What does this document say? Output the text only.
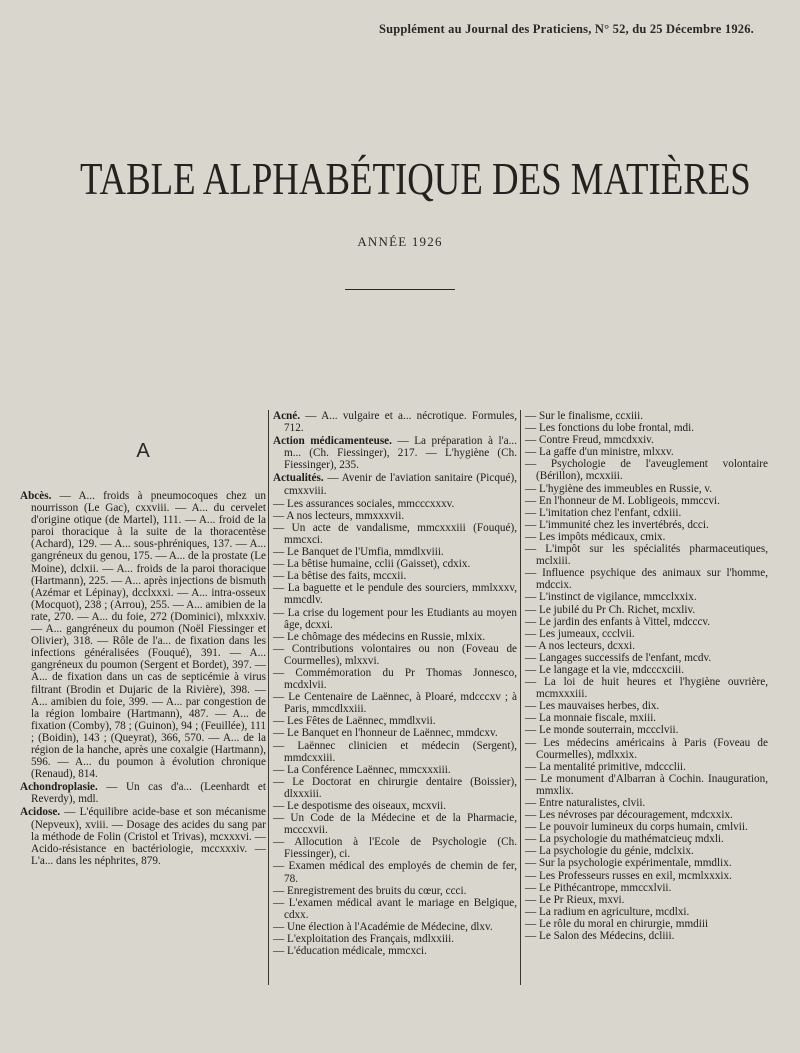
Supplément au Journal des Praticiens, N° 52, du 25 Décembre 1926.
TABLE ALPHABÉTIQUE DES MATIÈRES
ANNÉE 1926
A

Abcès. — A... froids à pneumocoques chez un nourrisson (Le Gac), cxxviii. — A... du cervelet d'origine otique (de Martel), 111. — A... froid de la paroi thoracique à la suite de la thoracentèse (Achard), 129. — A... sous-phréniques, 137. — A... gangréneux du genou, 175. — A... de la prostate (Le Moine), dclxii. — A... froids de la paroi thoracique (Hartmann), 225. — A... après injections de bismuth (Azémar et Lépinay), dcclxxxi. — A... intra-osseux (Mocquot), 238 ; (Arrou), 255. — A... amibien de la rate, 270. — A... du foie, 272 (Dominici), mlxxxiv. — A... gangréneux du poumon (Noël Fiessinger et Olivier), 318. — Rôle de l'a... de fixation dans les infections généralisées (Fouqué), 391. — A... gangréneux du poumon (Sergent et Bordet), 397. — A... de fixation dans un cas de septicémie à virus filtrant (Brodin et Dujaric de la Rivière), 398. — A... amibien du foie, 399. — A... par congestion de la région lombaire (Hartmann), 487. — A... de fixation (Comby), 78 ; (Guinon), 94 ; (Feuillée), 111 ; (Boidin), 143 ; (Queyrat), 366, 570. — A... de la région de la hanche, après une coxalgie (Hartmann), 596. — A... du poumon à évolution chronique (Renaud), 814.

Achondroplasie. — Un cas d'a... (Leenhardt et Reverdy), mdl.

Acidose. — L'équilibre acide-base et son mécanisme (Nepveux), xviii. — Dosage des acides du sang par la méthode de Folin (Cristol et Trivas), mcxxxvi. — Acido-résistance en bactériologie, mccxxxiv. — L'a... dans les néphrites, 879.

Acné. — A... vulgaire et a... nécrotique. Formules, 712.

Action médicamenteuse. — La préparation à l'a... m... (Ch. Fiessinger), 217. — L'hygiène (Ch. Fiessinger), 235.

Actualités. — Avenir de l'aviation sanitaire (Picqué), cmxxviii.

— Les assurances sociales, mmcccxxxv.

— A nos lecteurs, mmxxxvii.

— Un acte de vandalisme, mmcxxxiii (Fouqué), mmcxci.

— Le Banquet de l'Umfia, mmdlxviii.

— La bêtise humaine, cclii (Gaisset), cdxix.

— La bêtise des faits, mccxii.

— La baguette et le pendule des sourciers, mmlxxxv, mmcdlv.

— La crise du logement pour les Etudiants au moyen âge, dcxxi.

— Le chômage des médecins en Russie, mlxix.

— Contributions volontaires ou non (Foveau de Courmelles), mlxxvi.

— Commémoration du Pr Thomas Jonnesco, mcdxlvii.

— Le Centenaire de Laënnec, à Ploaré, mdcccxv ; à Paris, mmcdlxxiii.

— Les Fêtes de Laënnec, mmdlxvii.

— Le Banquet en l'honneur de Laënnec, mmdcxv.

— Laënnec clinicien et médecin (Sergent), mmdcxxiii.

— La Conférence Laënnec, mmcxxxiii.

— Le Doctorat en chirurgie dentaire (Boissier), dlxxxiii.

— Le despotisme des oiseaux, mcxvii.

— Un Code de la Médecine et de la Pharmacie, mcccxvii.

— Allocution à l'Ecole de Psychologie (Ch. Fiessinger), ci.

— Examen médical des employés de chemin de fer, 78.

— Enregistrement des bruits du cœur, ccci.

— L'examen médical avant le mariage en Belgique, cdxx.

— Une élection à l'Académie de Médecine, dlxv.

— L'exploitation des Français, mdlxxiii.

— L'éducation médicale, mmcxci.

— Sur le finalisme, ccxiii.

— Les fonctions du lobe frontal, mdi.

— Contre Freud, mmcdxxiv.

— La gaffe d'un ministre, mlxxv.

— Psychologie de l'aveuglement volontaire (Bérillon), mcxxiii.

— L'hygiène des immeubles en Russie, v.

— En l'honneur de M. Lobligeois, mmccvi.

— L'imitation chez l'enfant, cdxiii.

— L'immunité chez les invertébrés, dcci.

— Les impôts médicaux, cmix.

— L'impôt sur les spécialités pharmaceutiques, mclxiii.

— Influence psychique des animaux sur l'homme, mdccix.

— L'instinct de vigilance, mmcclxxix.

— Le jubilé du Pr Ch. Richet, mcxliv.

— Le jardin des enfants à Vittel, mdcccv.

— Les jumeaux, ccclvii.

— A nos lecteurs, dcxxi.

— Langages successifs de l'enfant, mcdv.

— Le langage et la vie, mdcccxciii.

— La loi de huit heures et l'hygiène ouvrière, mcmxxxiii.

— Les mauvaises herbes, dix.

— La monnaie fiscale, mxiii.

— Le monde souterrain, mccclvii.

— Les médecins américains à Paris (Foveau de Courmelles), mdlxxix.

— La mentalité primitive, mdccclii.

— Le monument d'Albarran à Cochin. Inauguration, mmxlix.

— Entre naturalistes, clvii.

— Les névroses par découragement, mdcxxix.

— Le pouvoir lumineux du corps humain, cmlvii.

— La psychologie du mathématcieuç mdxli.

— La psychologie du génie, mdclxix.

— Sur la psychologie expérimentale, mmdlix.

— Les Professeurs russes en exil, mcmlxxxix.

— Le Pithécantrope, mmccxlvii.

— Le Pr Rieux, mxvi.

— La radium en agriculture, mcdlxi.

— Le rôle du moral en chirurgie, mmdiii

— Le Salon des Médecins, dcliii.
